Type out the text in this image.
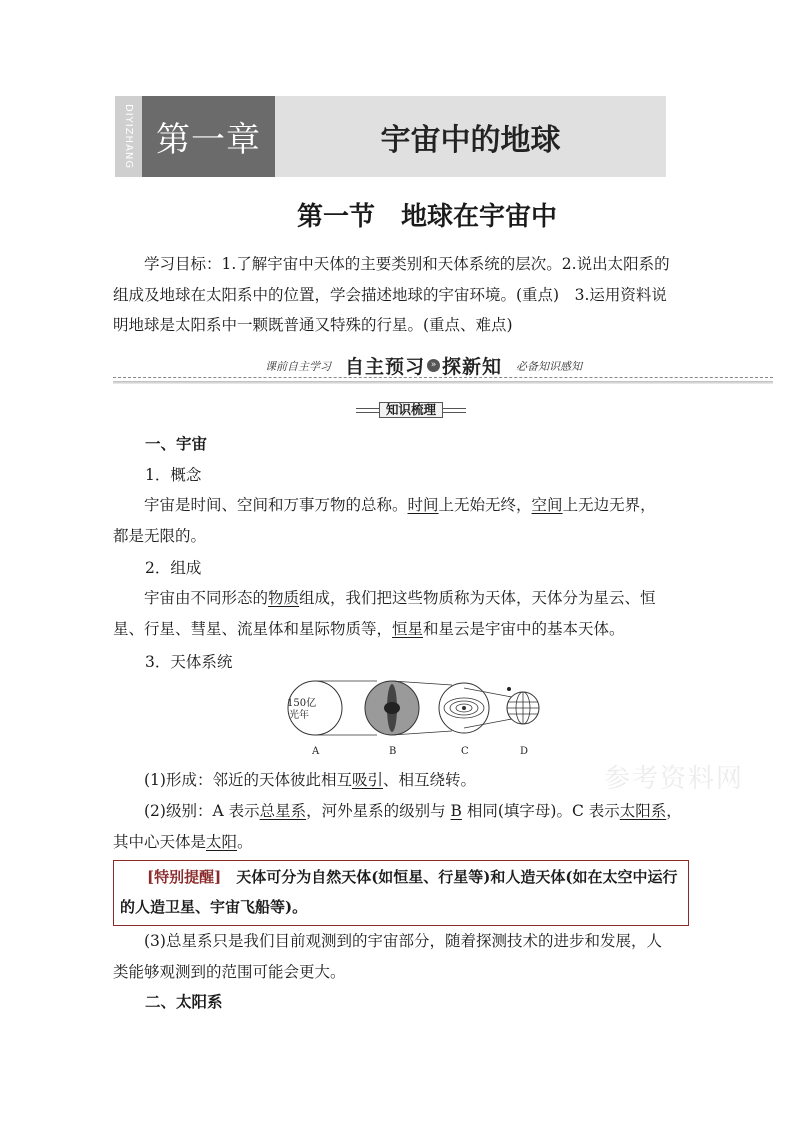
DIYIZHANG 第一章	宇宙中的地球
第一节　地球在宇宙中
学习目标：1.了解宇宙中天体的主要类别和天体系统的层次。2.说出太阳系的
组成及地球在太阳系中的位置，学会描述地球的宇宙环境。(重点)　3.运用资料说
明地球是太阳系中一颗既普通又特殊的行星。(重点、难点)
课前自主学习 自主预习 » 探新知 必备知识感知
知识梳理
一、宇宙
1．概念
宇宙是时间、空间和万事万物的总称。时间上无始无终，空间上无边无界，
都是无限的。
2．组成
宇宙由不同形态的物质组成，我们把这些物质称为天体，天体分为星云、恒
星、行星、彗星、流星体和星际物质等，恒星和星云是宇宙中的基本天体。
3．天体系统
150亿
光年
A	B	C	D
(1)形成：邻近的天体彼此相互吸引、相互绕转。
(2)级别：A 表示总星系，河外星系的级别与 B 相同(填字母)。C 表示太阳系，
其中心天体是太阳。
[特别提醒]　天体可分为自然天体(如恒星、行星等)和人造天体(如在太空中运行的人造卫星、宇宙飞船等)。
(3)总星系只是我们目前观测到的宇宙部分，随着探测技术的进步和发展，人
类能够观测到的范围可能会更大。
二、太阳系
参考资料网
